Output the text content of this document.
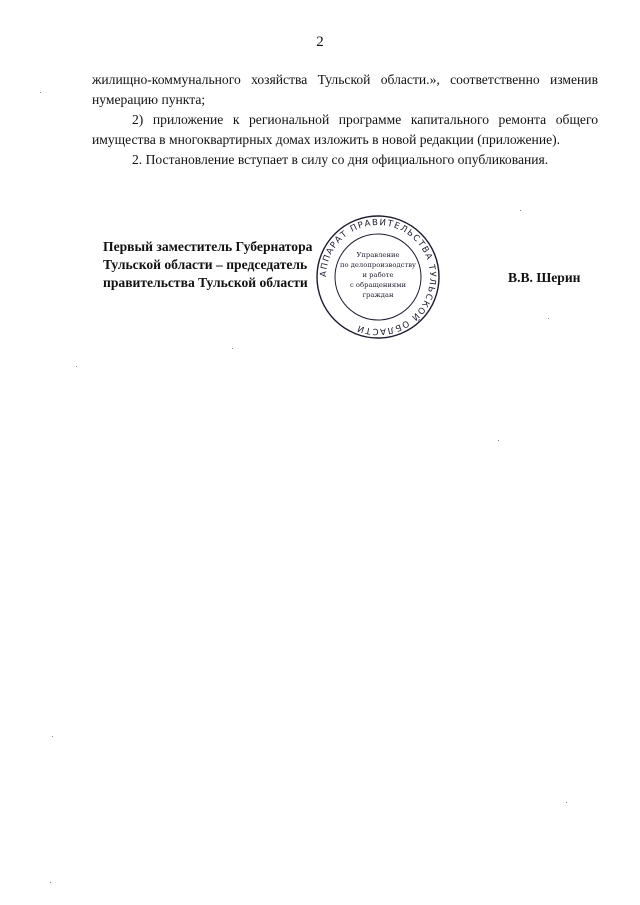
2

жилищно-коммунального хозяйства Тульской области.», соответственно изменив нумерацию пункта;

2) приложение к региональной программе капитального ремонта общего имущества в многоквартирных домах изложить в новой редакции (приложение).

2. Постановление вступает в силу со дня официального опубликования.

Первый заместитель Губернатора
Тульской области – председатель
правительства Тульской области	В.В. Шерин
АППАРАТ ПРАВИТЕЛЬСТВА ТУЛЬСКОЙ ОБЛАСТИ
Управление
по делопроизводству
и работе
с обращениями
граждан
